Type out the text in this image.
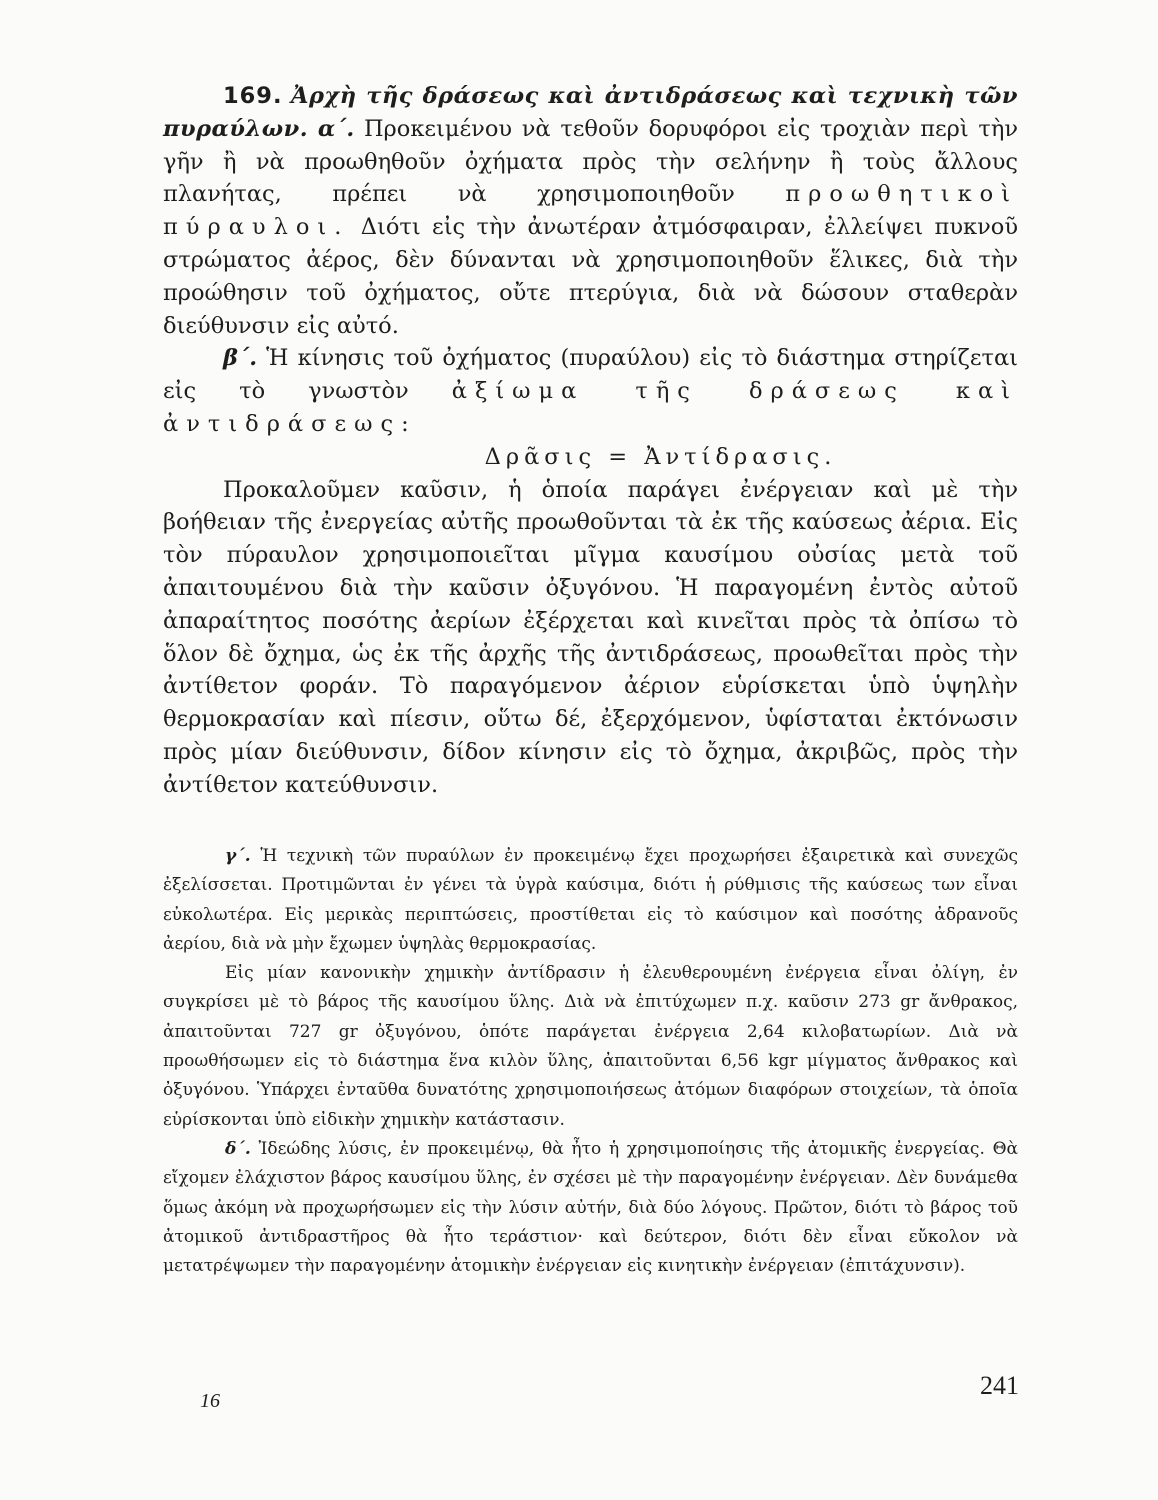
169. Ἀρχὴ τῆς δράσεως καὶ ἀντιδράσεως καὶ τεχνικὴ τῶν πυραύλων. α΄. Προκειμένου νὰ τεθοῦν δορυφόροι εἰς τροχιὰν περὶ τὴν γῆν ἢ νὰ προωθηθοῦν ὀχήματα πρὸς τὴν σελήνην ἢ τοὺς ἄλλους πλανήτας, πρέπει νὰ χρησιμοποιηθοῦν προωθητικοὶ πύραυλοι. Διότι εἰς τὴν ἀνωτέραν ἀτμόσφαιραν, ἐλλείψει πυκνοῦ στρώματος ἀέρος, δὲν δύνανται νὰ χρησιμοποιηθοῦν ἕλικες, διὰ τὴν προώθησιν τοῦ ὀχήματος, οὔτε πτερύγια, διὰ νὰ δώσουν σταθερὰν διεύθυνσιν εἰς αὐτό.

β΄. Ἡ κίνησις τοῦ ὀχήματος (πυραύλου) εἰς τὸ διάστημα στηρίζεται εἰς τὸ γνωστὸν ἀξίωμα τῆς δράσεως καὶ ἀντιδράσεως:

Δρᾶσις = Ἀντίδρασις.

Προκαλοῦμεν καῦσιν, ἡ ὁποία παράγει ἐνέργειαν καὶ μὲ τὴν βοήθειαν τῆς ἐνεργείας αὐτῆς προωθοῦνται τὰ ἐκ τῆς καύσεως ἀέρια. Εἰς τὸν πύραυλον χρησιμοποιεῖται μῖγμα καυσίμου οὐσίας μετὰ τοῦ ἀπαιτουμένου διὰ τὴν καῦσιν ὀξυγόνου. Ἡ παραγομένη ἐντὸς αὐτοῦ ἀπαραίτητος ποσότης ἀερίων ἐξέρχεται καὶ κινεῖται πρὸς τὰ ὀπίσω τὸ ὅλον δὲ ὄχημα, ὡς ἐκ τῆς ἀρχῆς τῆς ἀντιδράσεως, προωθεῖται πρὸς τὴν ἀντίθετον φοράν. Τὸ παραγόμενον ἀέριον εὑρίσκεται ὑπὸ ὑψηλὴν θερμοκρασίαν καὶ πίεσιν, οὕτω δέ, ἐξερχόμενον, ὑφίσταται ἐκτόνωσιν πρὸς μίαν διεύθυνσιν, δίδον κίνησιν εἰς τὸ ὄχημα, ἀκριβῶς, πρὸς τὴν ἀντίθετον κατεύθυνσιν.

γ΄. Ἡ τεχνικὴ τῶν πυραύλων ἐν προκειμένῳ ἔχει προχωρήσει ἐξαιρετικὰ καὶ συνεχῶς ἐξελίσσεται. Προτιμῶνται ἐν γένει τὰ ὑγρὰ καύσιμα, διότι ἡ ρύθμισις τῆς καύσεως των εἶναι εὐκολωτέρα. Εἰς μερικὰς περιπτώσεις, προστίθεται εἰς τὸ καύσιμον καὶ ποσότης ἀδρανοῦς ἀερίου, διὰ νὰ μὴν ἔχωμεν ὑψηλὰς θερμοκρασίας.

Εἰς μίαν κανονικὴν χημικὴν ἀντίδρασιν ἡ ἐλευθερουμένη ἐνέργεια εἶναι ὀλίγη, ἐν συγκρίσει μὲ τὸ βάρος τῆς καυσίμου ὕλης. Διὰ νὰ ἐπιτύχωμεν π.χ. καῦσιν 273 gr ἄνθρακος, ἀπαιτοῦνται 727 gr ὀξυγόνου, ὁπότε παράγεται ἐνέργεια 2,64 κιλοβατωρίων. Διὰ νὰ προωθήσωμεν εἰς τὸ διάστημα ἕνα κιλὸν ὕλης, ἀπαιτοῦνται 6,56 kgr μίγματος ἄνθρακος καὶ ὀξυγόνου. Ὑπάρχει ἐνταῦθα δυνατότης χρησιμοποιήσεως ἀτόμων διαφόρων στοιχείων, τὰ ὁποῖα εὑρίσκονται ὑπὸ εἰδικὴν χημικὴν κατάστασιν.

δ΄. Ἰδεώδης λύσις, ἐν προκειμένῳ, θὰ ἦτο ἡ χρησιμοποίησις τῆς ἀτομικῆς ἐνεργείας. Θὰ εἴχομεν ἐλάχιστον βάρος καυσίμου ὕλης, ἐν σχέσει μὲ τὴν παραγομένην ἐνέργειαν. Δὲν δυνάμεθα ὅμως ἀκόμη νὰ προχωρήσωμεν εἰς τὴν λύσιν αὐτήν, διὰ δύο λόγους. Πρῶτον, διότι τὸ βάρος τοῦ ἀτομικοῦ ἀντιδραστῆρος θὰ ἦτο τεράστιον· καὶ δεύτερον, διότι δὲν εἶναι εὔκολον νὰ μετατρέψωμεν τὴν παραγομένην ἀτομικὴν ἐνέργειαν εἰς κινητικὴν ἐνέργειαν (ἐπιτάχυνσιν).

16
241
